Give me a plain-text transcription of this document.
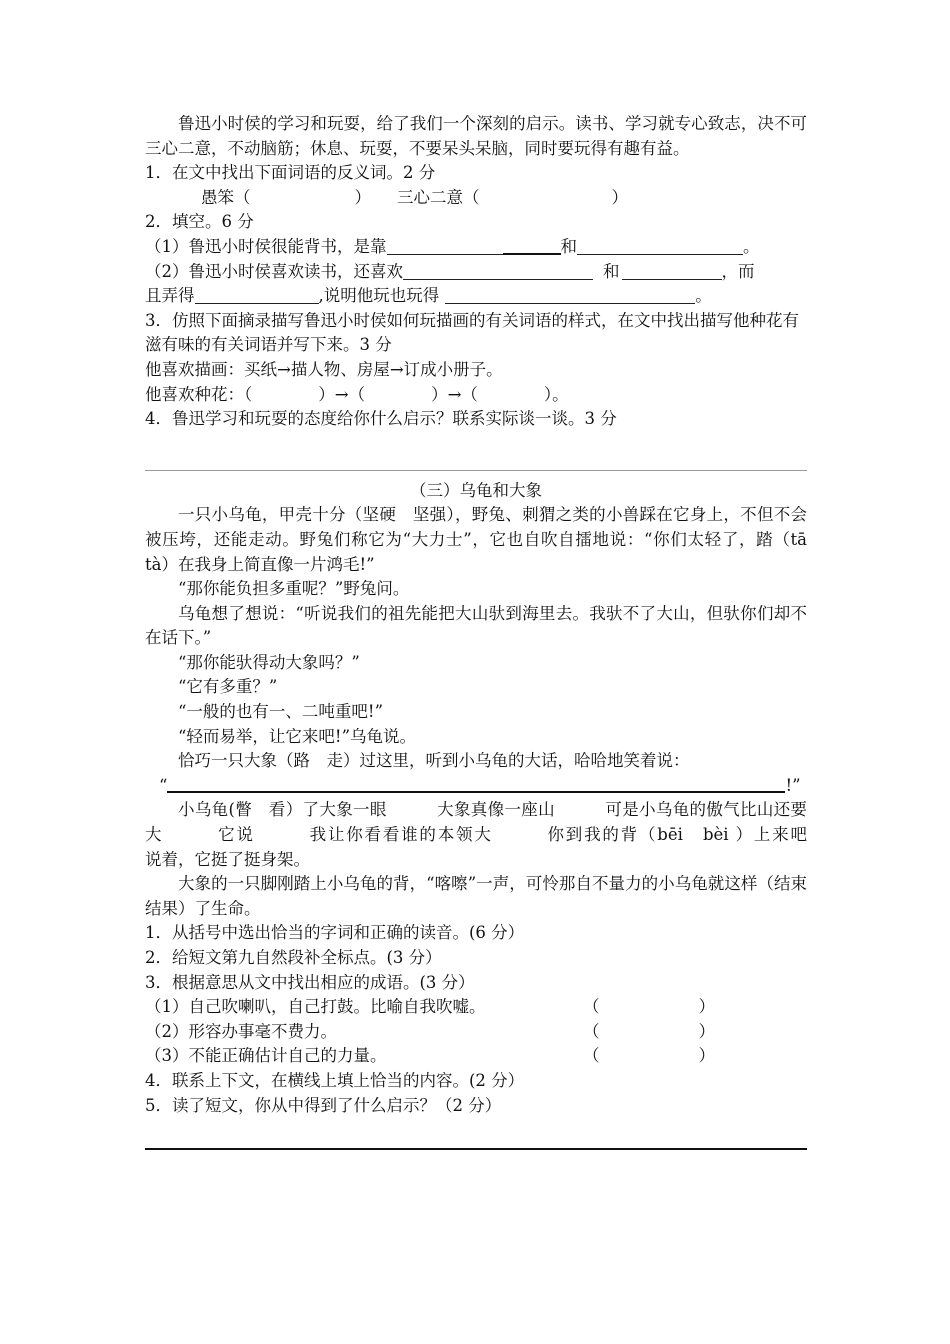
鲁迅小时侯的学习和玩耍，给了我们一个深刻的启示。读书、学习就专心致志，决不可三心二意，不动脑筋；休息、玩耍，不要呆头呆脑，同时要玩得有趣有益。

1．在文中找出下面词语的反义词。2 分

愚笨（	） 三心二意（	）

2．填空。6 分

（1）鲁迅小时侯很能背书，是靠	和	。

（2）鲁迅小时侯喜欢读书，还喜欢	和	，而

且弄得	,说明他玩也玩得	。

3．仿照下面摘录描写鲁迅小时侯如何玩描画的有关词语的样式，在文中找出描写他种花有滋有味的有关词语并写下来。3 分

他喜欢描画：买纸→描人物、房屋→订成小册子。

他喜欢种花：（　　　　）→（　　　　）→（　　　　）。

4．鲁迅学习和玩耍的态度给你什么启示？联系实际谈一谈。3 分

（三）乌龟和大象

一只小乌龟，甲壳十分（坚硬　坚强），野兔、刺猬之类的小兽踩在它身上，不但不会被压垮，还能走动。野兔们称它为“大力士”，它也自吹自擂地说：“你们太轻了，踏（tā　tà）在我身上简直像一片鸿毛!”

“那你能负担多重呢？”野兔问。

乌龟想了想说：“听说我们的祖先能把大山驮到海里去。我驮不了大山，但驮你们却不在话下。”

“那你能驮得动大象吗？”

“它有多重？”

“一般的也有一、二吨重吧!”

“轻而易举，让它来吧!”乌龟说。

恰巧一只大象（路　走）过这里，听到小乌龟的大话，哈哈地笑着说：

“	!”

小乌龟(瞥　看）了大象一眼　　　大象真像一座山　　　可是小乌龟的傲气比山还要大　　　它说　　　我让你看看谁的本领大　　　你到我的背（bēi　bèi ）上来吧　　　说着，它挺了挺身架。

大象的一只脚刚踏上小乌龟的背，“喀嚓”一声，可怜那自不量力的小乌龟就这样（结束　结果）了生命。

1．从括号中选出恰当的字词和正确的读音。(6 分）

2．给短文第九自然段补全标点。(3 分）

3．根据意思从文中找出相应的成语。(3 分）

（1）自己吹喇叭，自己打鼓。比喻自我吹嘘。	（　　　　　　）
（2）形容办事毫不费力。	（　　　　　　）
（3）不能正确估计自己的力量。	（　　　　　　）

4．联系上下文，在横线上填上恰当的内容。(2 分）

5．读了短文，你从中得到了什么启示？（2 分）
